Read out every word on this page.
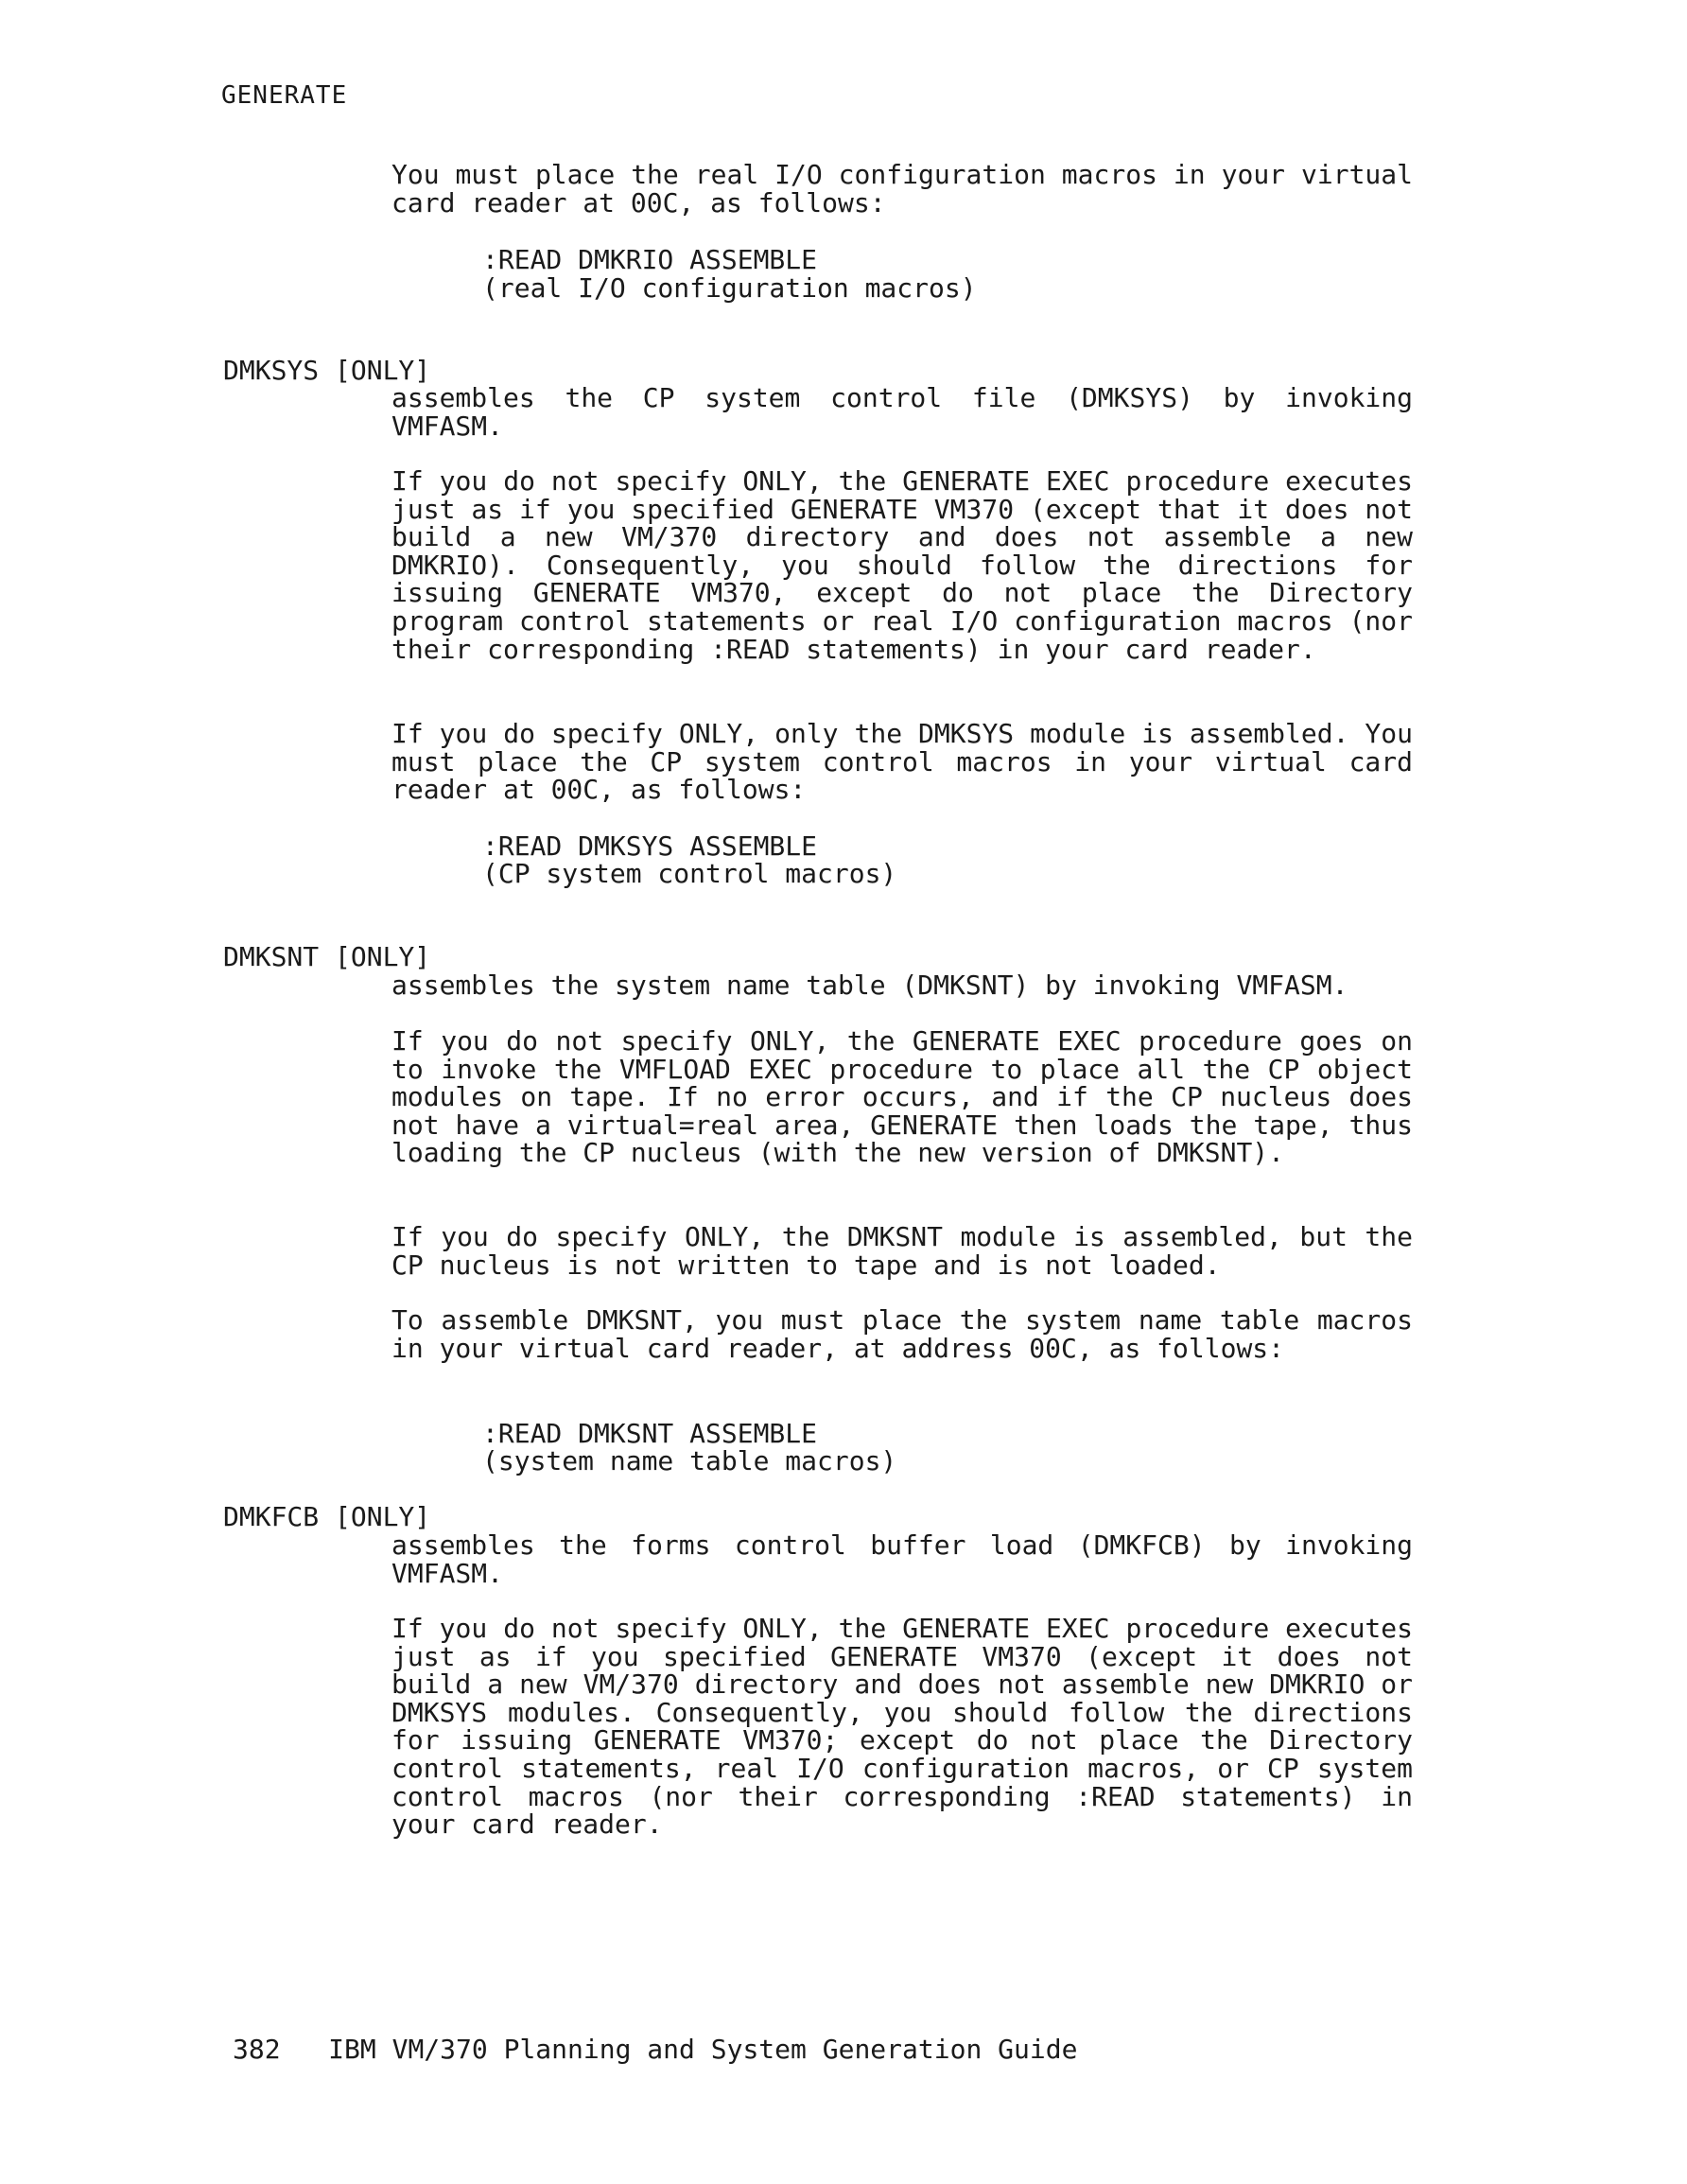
GENERATE

You must place the real I/O configuration macros in your virtual card reader at 00C, as follows:

:READ DMKRIO ASSEMBLE
(real I/O configuration macros)
DMKSYS [ONLY]

assembles the CP system control file (DMKSYS) by invoking VMFASM.

If you do not specify ONLY, the GENERATE EXEC procedure executes just as if you specified GENERATE VM370 (except that it does not build a new VM/370 directory and does not assemble a new DMKRIO). Consequently, you should follow the directions for issuing GENERATE VM370, except do not place the Directory program control statements or real I/O configuration macros (nor their corresponding :READ statements) in your card reader.

If you do specify ONLY, only the DMKSYS module is assembled. You must place the CP system control macros in your virtual card reader at 00C, as follows:

:READ DMKSYS ASSEMBLE
(CP system control macros)
DMKSNT [ONLY]

assembles the system name table (DMKSNT) by invoking VMFASM.

If you do not specify ONLY, the GENERATE EXEC procedure goes on to invoke the VMFLOAD EXEC procedure to place all the CP object modules on tape. If no error occurs, and if the CP nucleus does not have a virtual=real area, GENERATE then loads the tape, thus loading the CP nucleus (with the new version of DMKSNT).

If you do specify ONLY, the DMKSNT module is assembled, but the CP nucleus is not written to tape and is not loaded.

To assemble DMKSNT, you must place the system name table macros in your virtual card reader, at address 00C, as follows:

:READ DMKSNT ASSEMBLE
(system name table macros)
DMKFCB [ONLY]

assembles the forms control buffer load (DMKFCB) by invoking VMFASM.

If you do not specify ONLY, the GENERATE EXEC procedure executes just as if you specified GENERATE VM370 (except it does not build a new VM/370 directory and does not assemble new DMKRIO or DMKSYS modules. Consequently, you should follow the directions for issuing GENERATE VM370; except do not place the Directory control statements, real I/O configuration macros, or CP system control macros (nor their corresponding :READ statements) in your card reader.

382 IBM VM/370 Planning and System Generation Guide
